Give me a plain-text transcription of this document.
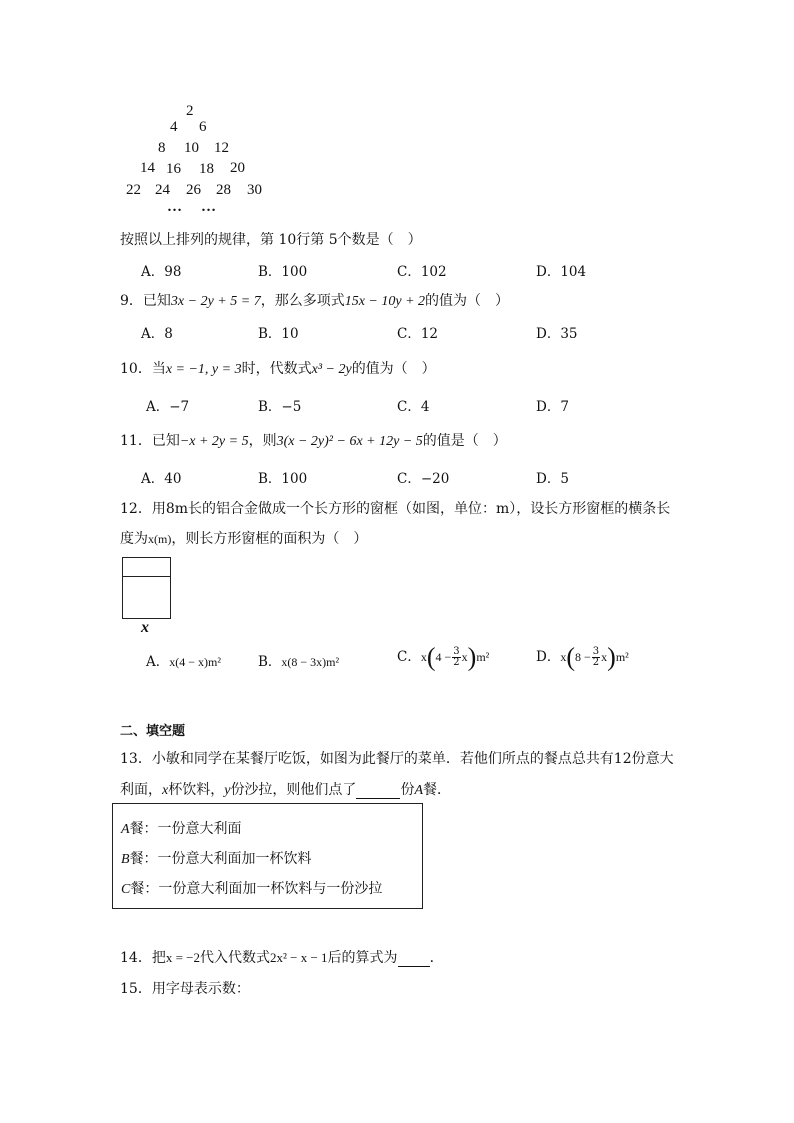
2
4 6
8 10 12
14 16 18 20
22 24 26 28 30
… …
按照以上排列的规律，第 10行第 5个数是（　）
A．98	B．100	C．102	D．104
9．已知3x − 2y + 5 = 7，那么多项式15x − 10y + 2的值为（　）
A．8	B．10	C．12	D．35
10．当x = −1, y = 3时，代数式x³ − 2y的值为（　）
A．−7	B．−5	C．4	D．7
11．已知−x + 2y = 5，则3(x − 2y)² − 6x + 12y − 5的值是（　）
A．40	B．100	C．−20	D．5
12．用8m长的铝合金做成一个长方形的窗框（如图，单位：m），设长方形窗框的横条长
度为x(m)，则长方形窗框的面积为（　）
x
A．x(4 − x)m²	B．x(8 − 3x)m²	C．$x(4 - \frac{3}{2} x)m^2$	D．$x(8 - \frac{3}{2} x)m^2$
二、填空题
13．小敏和同学在某餐厅吃饭，如图为此餐厅的菜单．若他们所点的餐点总共有12份意大
利面，x杯饮料，y份沙拉，则他们点了	份A餐．
A餐：一份意大利面
B餐：一份意大利面加一杯饮料
C餐：一份意大利面加一杯饮料与一份沙拉
14．把x = −2代入代数式2x² − x − 1后的算式为 ．
15．用字母表示数：
